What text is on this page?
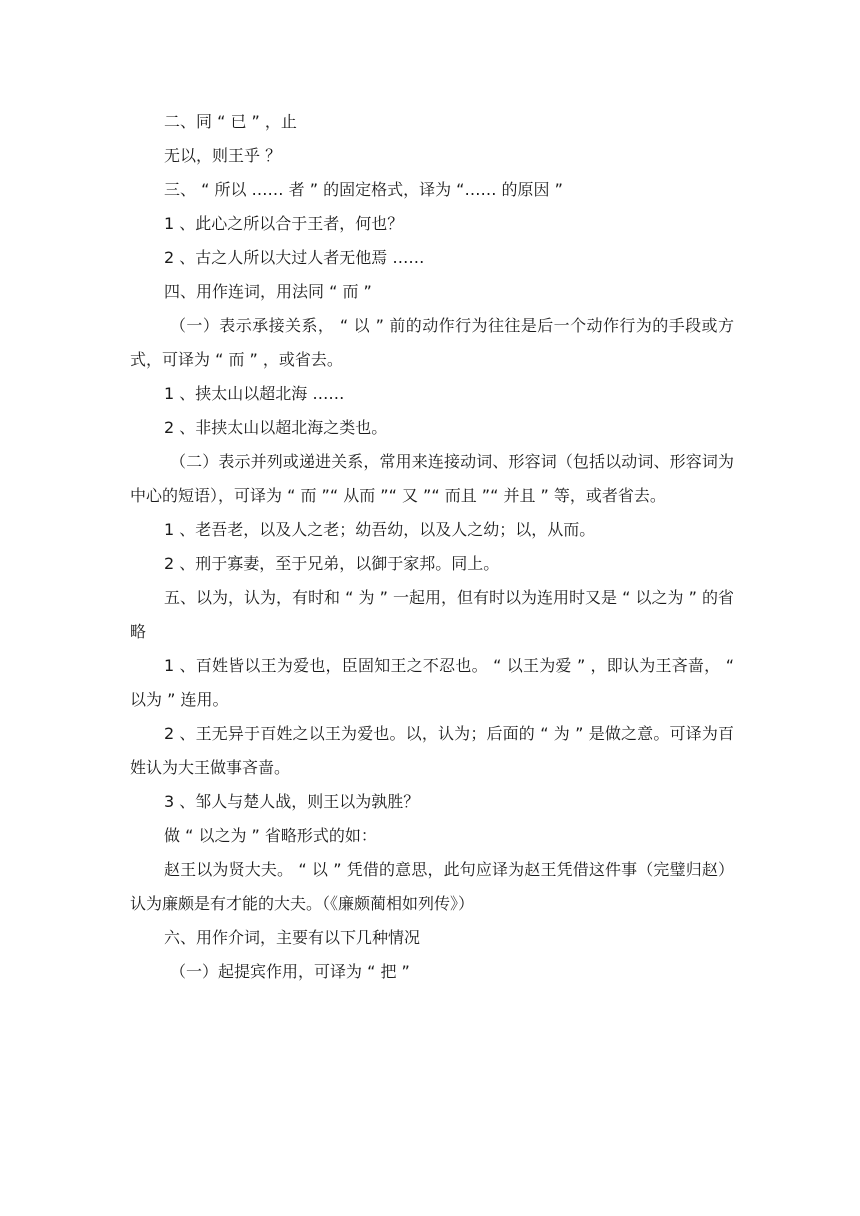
二、同 “ 已 ” ，止

无以，则王乎 ？

三、 “ 所以 …… 者 ” 的固定格式，译为 “…… 的原因 ”

1 、此心之所以合于王者，何也？

2 、古之人所以大过人者无他焉 ……

四、用作连词，用法同 “ 而 ”

（一）表示承接关系， “ 以 ” 前的动作行为往往是后一个动作行为的手段或方式，可译为 “ 而 ” ，或省去。

1 、挟太山以超北海 ……

2 、非挟太山以超北海之类也。

（二）表示并列或递进关系，常用来连接动词、形容词（包括以动词、形容词为中心的短语），可译为 “ 而 ”“ 从而 ”“ 又 ”“ 而且 ”“ 并且 ” 等，或者省去。

1 、老吾老，以及人之老；幼吾幼，以及人之幼；以，从而。

2 、刑于寡妻，至于兄弟，以御于家邦。同上。

五、以为，认为，有时和 “ 为 ” 一起用，但有时以为连用时又是 “ 以之为 ” 的省略

1 、百姓皆以王为爱也，臣固知王之不忍也。 “ 以王为爱 ” ，即认为王吝啬， “ 以为 ” 连用。

2 、王无异于百姓之以王为爱也。以，认为；后面的 “ 为 ” 是做之意。可译为百姓认为大王做事吝啬。

3 、邹人与楚人战，则王以为孰胜？

做 “ 以之为 ” 省略形式的如：

赵王以为贤大夫。 “ 以 ” 凭借的意思，此句应译为赵王凭借这件事（完璧归赵）认为廉颇是有才能的大夫。（《廉颇蔺相如列传》）

六、用作介词，主要有以下几种情况

（一）起提宾作用，可译为 “ 把 ”
